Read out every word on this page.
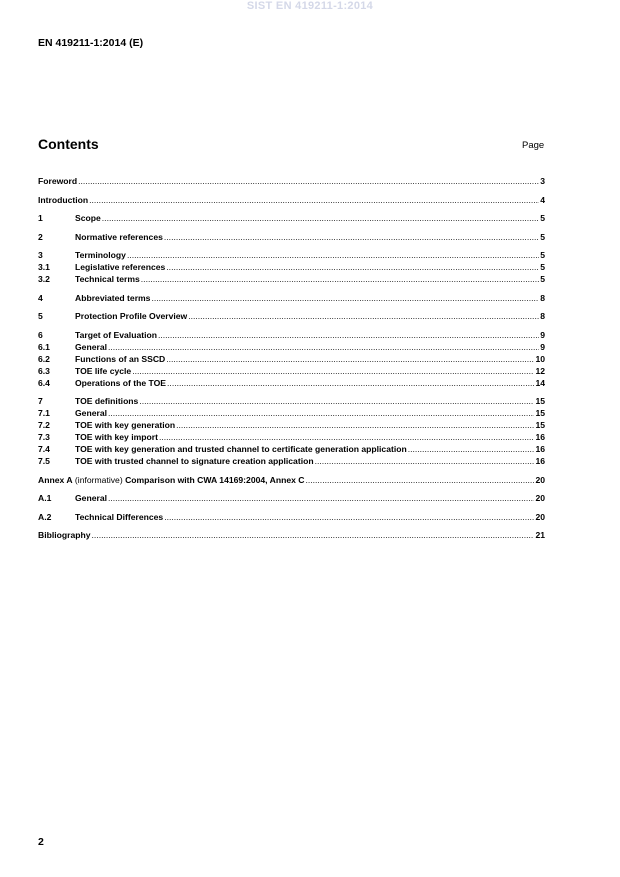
SIST EN 419211-1:2014
EN 419211-1:2014 (E)
Contents	Page
Foreword .....	3
Introduction .....	4
1	Scope .....	5
2	Normative references .....	5
3	Terminology .....	5
3.1	Legislative references .....	5
3.2	Technical terms .....	5
4	Abbreviated terms .....	8
5	Protection Profile Overview .....	8
6	Target of Evaluation .....	9
6.1	General .....	9
6.2	Functions of an SSCD .....	10
6.3	TOE life cycle .....	12
6.4	Operations of the TOE .....	14
7	TOE definitions .....	15
7.1	General .....	15
7.2	TOE with key generation .....	15
7.3	TOE with key import .....	16
7.4	TOE with key generation and trusted channel to certificate generation application .....	16
7.5	TOE with trusted channel to signature creation application .....	16
Annex A (informative) Comparison with CWA 14169:2004, Annex C .....	20
A.1	General .....	20
A.2	Technical Differences .....	20
Bibliography .....	21
2
